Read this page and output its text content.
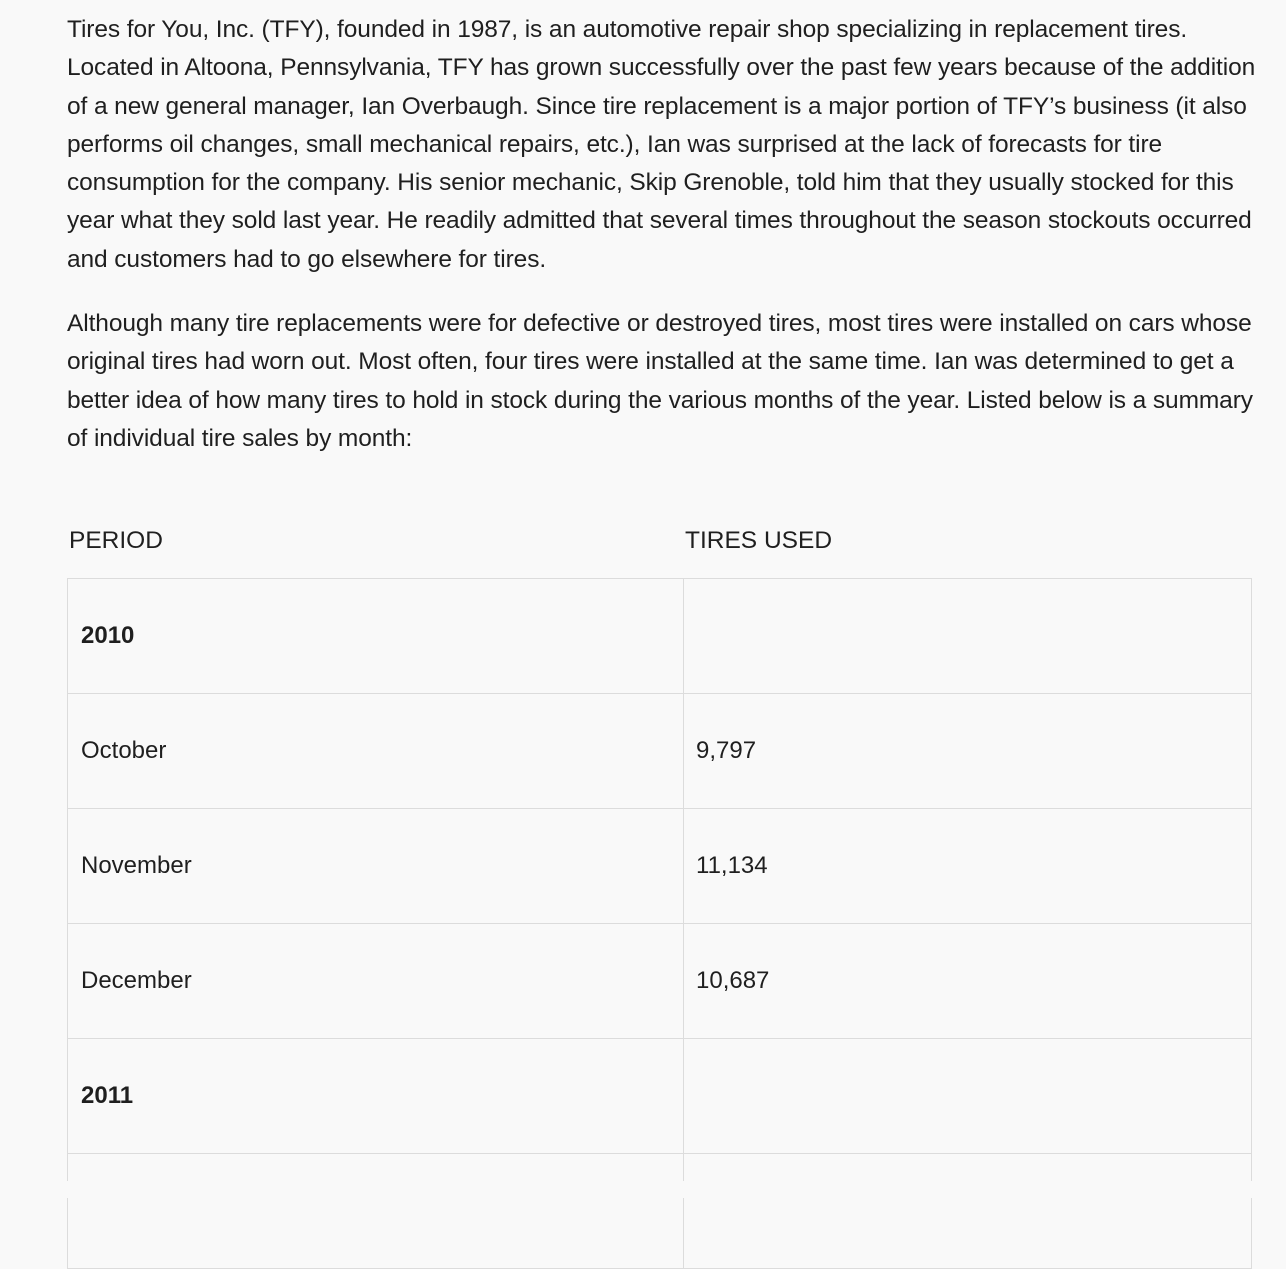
Tires for You, Inc. (TFY), founded in 1987, is an automotive repair shop specializing in replacement tires. Located in Altoona, Pennsylvania, TFY has grown successfully over the past few years because of the addition of a new general manager, Ian Overbaugh. Since tire replacement is a major portion of TFY’s business (it also performs oil changes, small mechanical repairs, etc.), Ian was surprised at the lack of forecasts for tire consumption for the company. His senior mechanic, Skip Grenoble, told him that they usually stocked for this year what they sold last year. He readily admitted that several times throughout the season stockouts occurred and customers had to go elsewhere for tires.

Although many tire replacements were for defective or destroyed tires, most tires were installed on cars whose original tires had worn out. Most often, four tires were installed at the same time. Ian was determined to get a better idea of how many tires to hold in stock during the various months of the year. Listed below is a summary of individual tire sales by month:

PERIOD	TIRES USED
2010	
October	9,797
November	11,134
December	10,687
2011	
